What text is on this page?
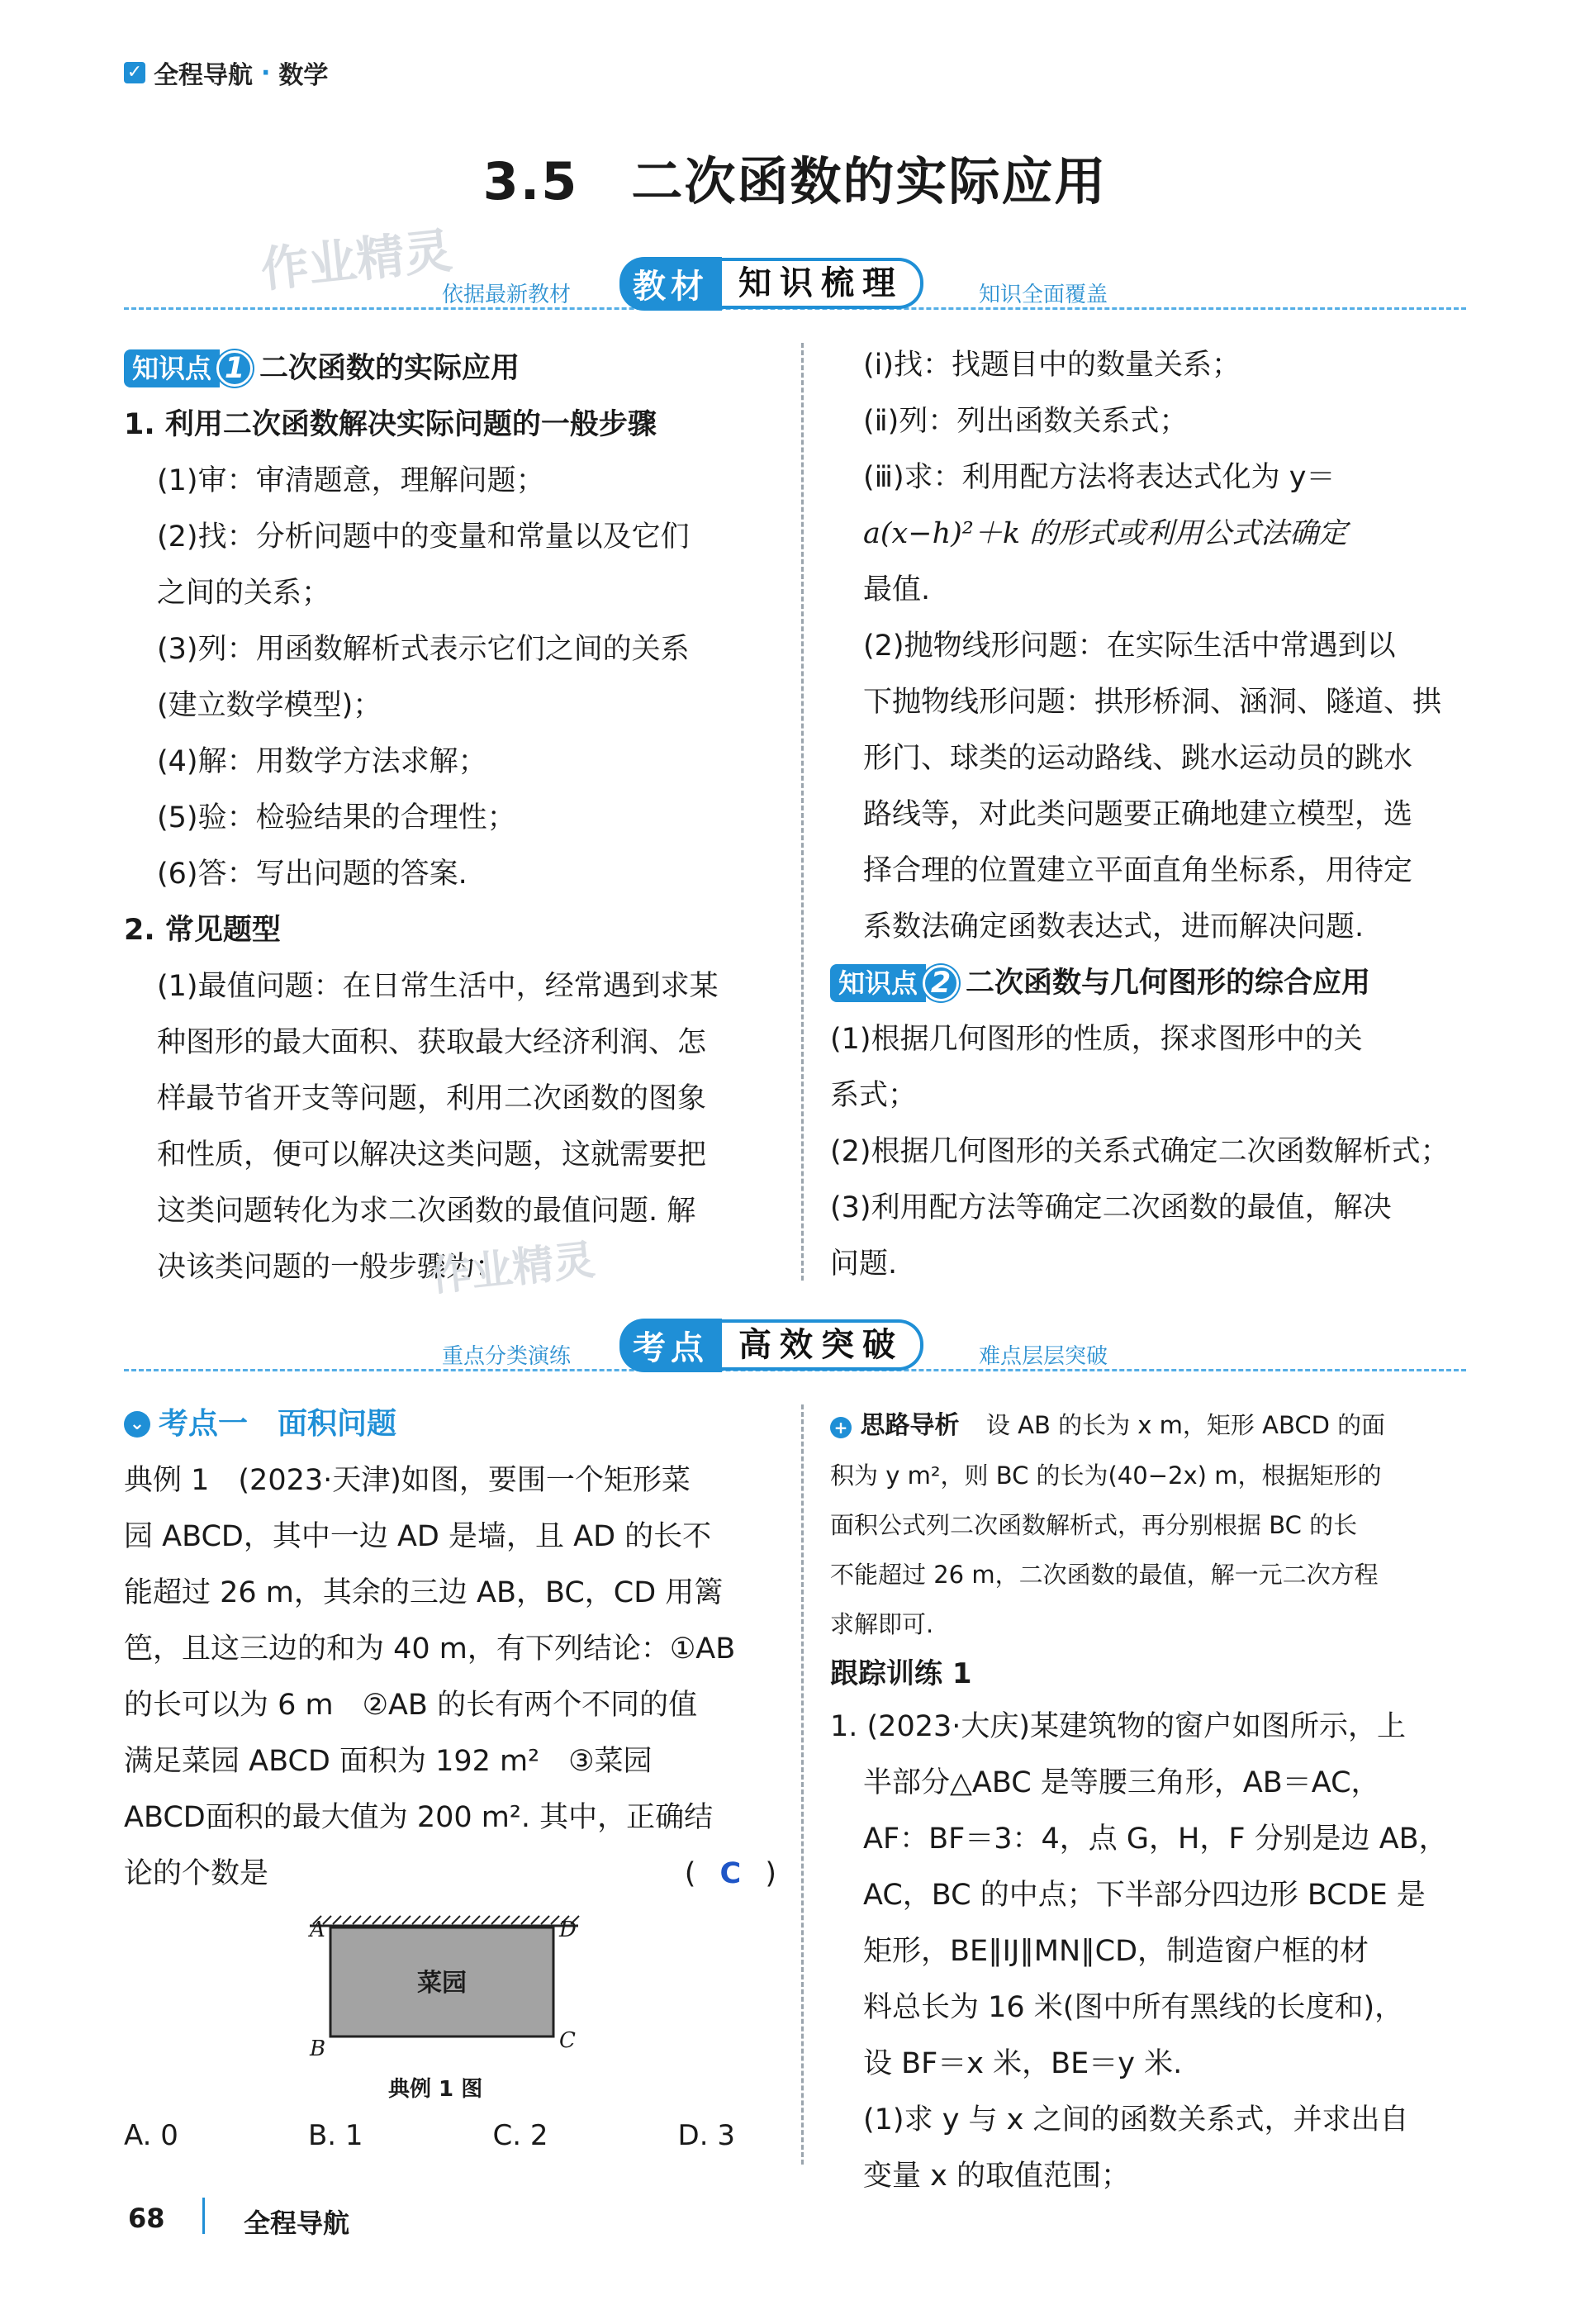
✓ 全程导航 · 数学
3.5　二次函数的实际应用
作业精灵
依据最新教材	教材 知识梳理	知识全面覆盖
知识点 1 二次函数的实际应用
1. 利用二次函数解决实际问题的一般步骤
(1)审：审清题意，理解问题；
(2)找：分析问题中的变量和常量以及它们
之间的关系；
(3)列：用函数解析式表示它们之间的关系
(建立数学模型)；
(4)解：用数学方法求解；
(5)验：检验结果的合理性；
(6)答：写出问题的答案.
2. 常见题型
(1)最值问题：在日常生活中，经常遇到求某
种图形的最大面积、获取最大经济利润、怎
样最节省开支等问题，利用二次函数的图象
和性质，便可以解决这类问题，这就需要把
这类问题转化为求二次函数的最值问题. 解
决该类问题的一般步骤为：
作业精灵
(ⅰ)找：找题目中的数量关系；
(ⅱ)列：列出函数关系式；
(ⅲ)求：利用配方法将表达式化为 y＝
a(x−h)²＋k 的形式或利用公式法确定
最值.
(2)抛物线形问题：在实际生活中常遇到以
下抛物线形问题：拱形桥洞、涵洞、隧道、拱
形门、球类的运动路线、跳水运动员的跳水
路线等，对此类问题要正确地建立模型，选
择合理的位置建立平面直角坐标系，用待定
系数法确定函数表达式，进而解决问题.
知识点 2 二次函数与几何图形的综合应用
(1)根据几何图形的性质，探求图形中的关
系式；
(2)根据几何图形的关系式确定二次函数解析式；
(3)利用配方法等确定二次函数的最值，解决
问题.
重点分类演练	考点 高效突破	难点层层突破
⌄ 考点一　面积问题
典例 1　(2023·天津)如图，要围一个矩形菜
园 ABCD，其中一边 AD 是墙，且 AD 的长不
能超过 26 m，其余的三边 AB，BC，CD 用篱
笆，且这三边的和为 40 m，有下列结论：①AB
的长可以为 6 m　②AB 的长有两个不同的值
满足菜园 ABCD 面积为 192 m²　③菜园
ABCD面积的最大值为 200 m². 其中，正确结
论的个数是	( C )
A	D
B	C
菜园
典例 1 图
A. 0	B. 1	C. 2	D. 3
+ 思路导析 设 AB 的长为 x m，矩形 ABCD 的面
积为 y m²，则 BC 的长为(40−2x) m，根据矩形的
面积公式列二次函数解析式，再分别根据 BC 的长
不能超过 26 m，二次函数的最值，解一元二次方程
求解即可.
跟踪训练 1
1. (2023·大庆)某建筑物的窗户如图所示，上
半部分△ABC 是等腰三角形，AB＝AC，
AF：BF＝3：4，点 G，H，F 分别是边 AB，
AC，BC 的中点；下半部分四边形 BCDE 是
矩形，BE∥IJ∥MN∥CD，制造窗户框的材
料总长为 16 米(图中所有黑线的长度和)，
设 BF＝x 米，BE＝y 米.
(1)求 y 与 x 之间的函数关系式，并求出自
变量 x 的取值范围；
68	全程导航
